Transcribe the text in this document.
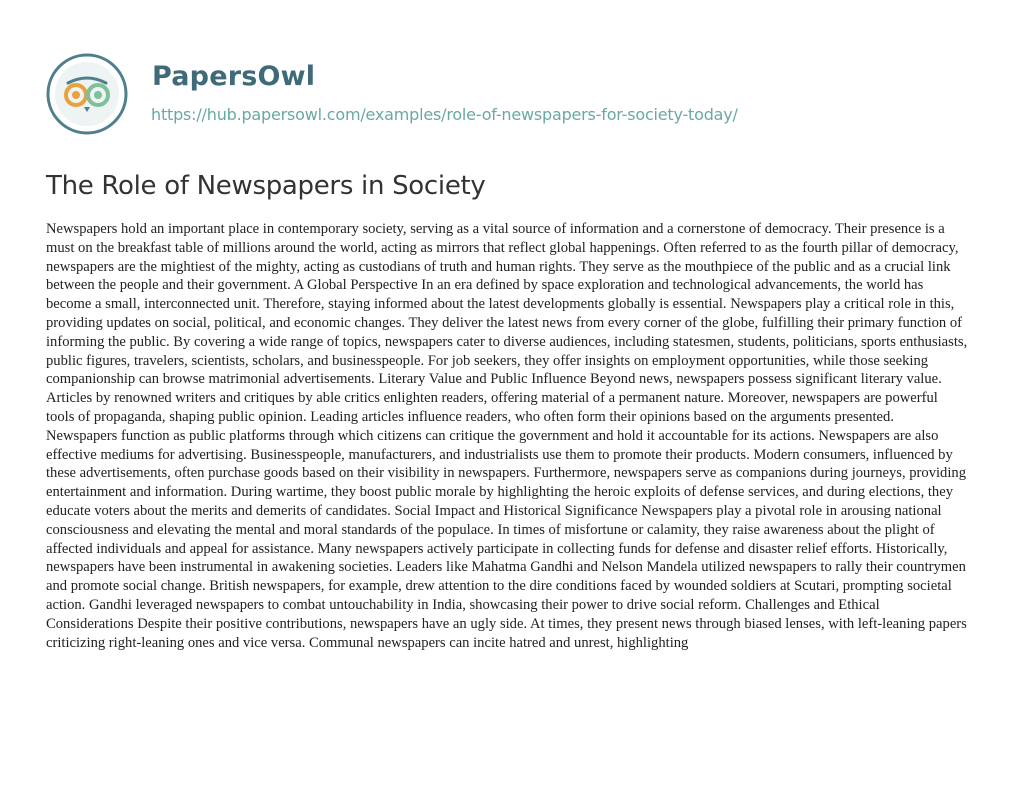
PapersOwl
https://hub.papersowl.com/examples/role-of-newspapers-for-society-today/
The Role of Newspapers in Society

Newspapers hold an important place in contemporary society, serving as a vital source of information and a cornerstone of democracy. Their presence is a must on the breakfast table of millions around the world, acting as mirrors that reflect global happenings. Often referred to as the fourth pillar of democracy, newspapers are the mightiest of the mighty, acting as custodians of truth and human rights. They serve as the mouthpiece of the public and as a crucial link between the people and their government. A Global Perspective In an era defined by space exploration and technological advancements, the world has become a small, interconnected unit. Therefore, staying informed about the latest developments globally is essential. Newspapers play a critical role in this, providing updates on social, political, and economic changes. They deliver the latest news from every corner of the globe, fulfilling their primary function of informing the public. By covering a wide range of topics, newspapers cater to diverse audiences, including statesmen, students, politicians, sports enthusiasts, public figures, travelers, scientists, scholars, and businesspeople. For job seekers, they offer insights on employment opportunities, while those seeking companionship can browse matrimonial advertisements. Literary Value and Public Influence Beyond news, newspapers possess significant literary value. Articles by renowned writers and critiques by able critics enlighten readers, offering material of a permanent nature. Moreover, newspapers are powerful tools of propaganda, shaping public opinion. Leading articles influence readers, who often form their opinions based on the arguments presented. Newspapers function as public platforms through which citizens can critique the government and hold it accountable for its actions. Newspapers are also effective mediums for advertising. Businesspeople, manufacturers, and industrialists use them to promote their products. Modern consumers, influenced by these advertisements, often purchase goods based on their visibility in newspapers. Furthermore, newspapers serve as companions during journeys, providing entertainment and information. During wartime, they boost public morale by highlighting the heroic exploits of defense services, and during elections, they educate voters about the merits and demerits of candidates. Social Impact and Historical Significance Newspapers play a pivotal role in arousing national consciousness and elevating the mental and moral standards of the populace. In times of misfortune or calamity, they raise awareness about the plight of affected individuals and appeal for assistance. Many newspapers actively participate in collecting funds for defense and disaster relief efforts. Historically, newspapers have been instrumental in awakening societies. Leaders like Mahatma Gandhi and Nelson Mandela utilized newspapers to rally their countrymen and promote social change. British newspapers, for example, drew attention to the dire conditions faced by wounded soldiers at Scutari, prompting societal action. Gandhi leveraged newspapers to combat untouchability in India, showcasing their power to drive social reform. Challenges and Ethical Considerations Despite their positive contributions, newspapers have an ugly side. At times, they present news through biased lenses, with left-leaning papers criticizing right-leaning ones and vice versa. Communal newspapers can incite hatred and unrest, highlighting
